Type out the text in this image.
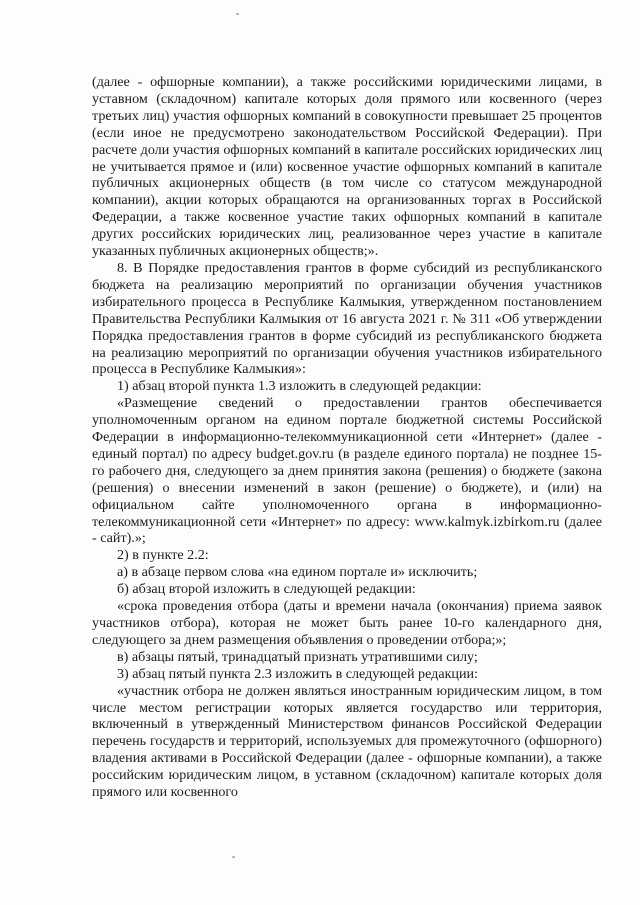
(далее - офшорные компании), а также российскими юридическими лицами, в уставном (складочном) капитале которых доля прямого или косвенного (через третьих лиц) участия офшорных компаний в совокупности превышает 25 процентов (если иное не предусмотрено законодательством Российской Федерации). При расчете доли участия офшорных компаний в капитале российских юридических лиц не учитывается прямое и (или) косвенное участие офшорных компаний в капитале публичных акционерных обществ (в том числе со статусом международной компании), акции которых обращаются на организованных торгах в Российской Федерации, а также косвенное участие таких офшорных компаний в капитале других российских юридических лиц, реализованное через участие в капитале указанных публичных акционерных обществ;».

8. В Порядке предоставления грантов в форме субсидий из республиканского бюджета на реализацию мероприятий по организации обучения участников избирательного процесса в Республике Калмыкия, утвержденном постановлением Правительства Республики Калмыкия от 16 августа 2021 г. № 311 «Об утверждении Порядка предоставления грантов в форме субсидий из республиканского бюджета на реализацию мероприятий по организации обучения участников избирательного процесса в Республике Калмыкия»:

1) абзац второй пункта 1.3 изложить в следующей редакции:

«Размещение сведений о предоставлении грантов обеспечивается уполномоченным органом на едином портале бюджетной системы Российской Федерации в информационно-телекоммуникационной сети «Интернет» (далее - единый портал) по адресу budget.gov.ru (в разделе единого портала) не позднее 15-го рабочего дня, следующего за днем принятия закона (решения) о бюджете (закона (решения) о внесении изменений в закон (решение) о бюджете), и (или) на официальном сайте уполномоченного органа в информационно-телекоммуникационной сети «Интернет» по адресу: www.kalmyk.izbirkom.ru (далее - сайт).»;

2) в пункте 2.2:

а) в абзаце первом слова «на едином портале и» исключить;

б) абзац второй изложить в следующей редакции:

«срока проведения отбора (даты и времени начала (окончания) приема заявок участников отбора), которая не может быть ранее 10-го календарного дня, следующего за днем размещения объявления о проведении отбора;»;

в) абзацы пятый, тринадцатый признать утратившими силу;

3) абзац пятый пункта 2.3 изложить в следующей редакции:

«участник отбора не должен являться иностранным юридическим лицом, в том числе местом регистрации которых является государство или территория, включенный в утвержденный Министерством финансов Российской Федерации перечень государств и территорий, используемых для промежуточного (офшорного) владения активами в Российской Федерации (далее - офшорные компании), а также российским юридическим лицом, в уставном (складочном) капитале которых доля прямого или косвенного
